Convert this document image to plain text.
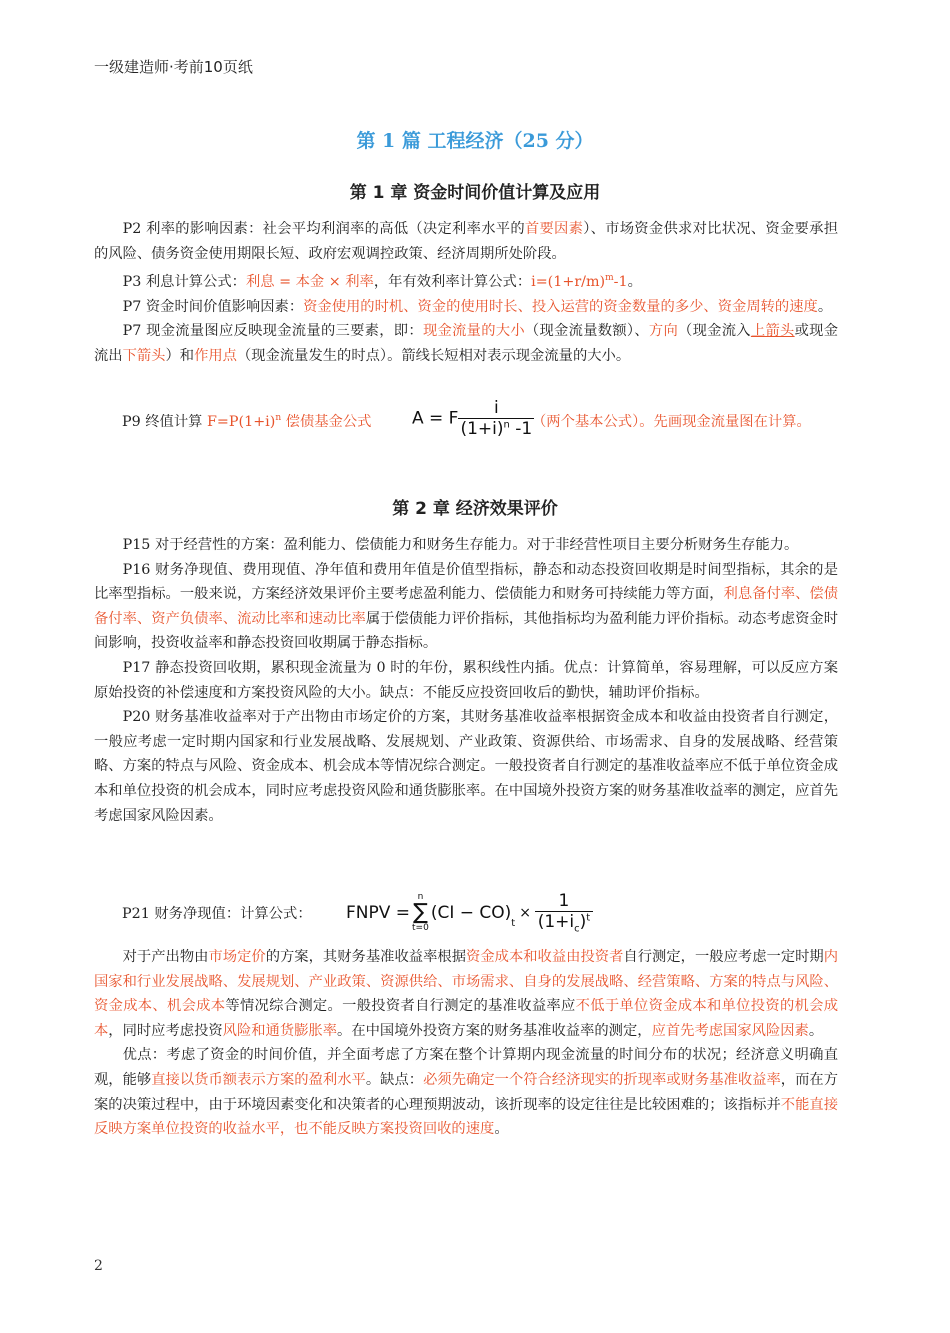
一级建造师·考前10页纸
第 1 篇 工程经济（25 分）
第 1 章 资金时间价值计算及应用

P2 利率的影响因素：社会平均利润率的高低（决定利率水平的首要因素）、市场资金供求对比状况、资金要承担的风险、债务资金使用期限长短、政府宏观调控政策、经济周期所处阶段。

P3 利息计算公式：利息 = 本金 × 利率，年有效利率计算公式：$i=(1+r/m)^m-1$。

P7 资金时间价值影响因素：资金使用的时机、资金的使用时长、投入运营的资金数量的多少、资金周转的速度。

P7 现金流量图应反映现金流量的三要素，即：现金流量的大小（现金流量数额）、方向（现金流入上箭头或现金流出下箭头）和作用点（现金流量发生的时点）。箭线长短相对表示现金流量的大小。

P9 终值计算 $F=P(1+i)^n$ 偿债基金公式 A = F $\frac{i}{(1+i)^n -1}$
（两个基本公式）。先画现金流量图在计算。
第 2 章 经济效果评价

P15 对于经营性的方案：盈利能力、偿债能力和财务生存能力。对于非经营性项目主要分析财务生存能力。

P16 财务净现值、费用现值、净年值和费用年值是价值型指标，静态和动态投资回收期是时间型指标，其余的是比率型指标。一般来说，方案经济效果评价主要考虑盈利能力、偿债能力和财务可持续能力等方面，利息备付率、偿债备付率、资产负债率、流动比率和速动比率属于偿债能力评价指标，其他指标均为盈利能力评价指标。动态考虑资金时间影响，投资收益率和静态投资回收期属于静态指标。

P17 静态投资回收期，累积现金流量为 0 时的年份，累积线性内插。优点：计算简单，容易理解，可以反应方案原始投资的补偿速度和方案投资风险的大小。缺点：不能反应投资回收后的勤快，辅助评价指标。

P20 财务基准收益率对于产出物由市场定价的方案，其财务基准收益率根据资金成本和收益由投资者自行测定，一般应考虑一定时期内国家和行业发展战略、发展规划、产业政策、资源供给、市场需求、自身的发展战略、经营策略、方案的特点与风险、资金成本、机会成本等情况综合测定。一般投资者自行测定的基准收益率应不低于单位资金成本和单位投资的机会成本，同时应考虑投资风险和通货膨胀率。在中国境外投资方案的财务基准收益率的测定，应首先考虑国家风险因素。

P21 财务净现值：计算公式： FNPV =
n
∑
t=0
(CI − CO)
$_t$
× $\frac{1}{(1+i_c)^t}$

对于产出物由市场定价的方案，其财务基准收益率根据资金成本和收益由投资者自行测定，一般应考虑一定时期内国家和行业发展战略、发展规划、产业政策、资源供给、市场需求、自身的发展战略、经营策略、方案的特点与风险、资金成本、机会成本等情况综合测定。一般投资者自行测定的基准收益率应不低于单位资金成本和单位投资的机会成本，同时应考虑投资风险和通货膨胀率。在中国境外投资方案的财务基准收益率的测定，应首先考虑国家风险因素。

优点：考虑了资金的时间价值，并全面考虑了方案在整个计算期内现金流量的时间分布的状况；经济意义明确直观，能够直接以货币额表示方案的盈利水平。缺点：必须先确定一个符合经济现实的折现率或财务基准收益率，而在方案的决策过程中，由于环境因素变化和决策者的心理预期波动，该折现率的设定往往是比较困难的；该指标并不能直接反映方案单位投资的收益水平，也不能反映方案投资回收的速度。

2
